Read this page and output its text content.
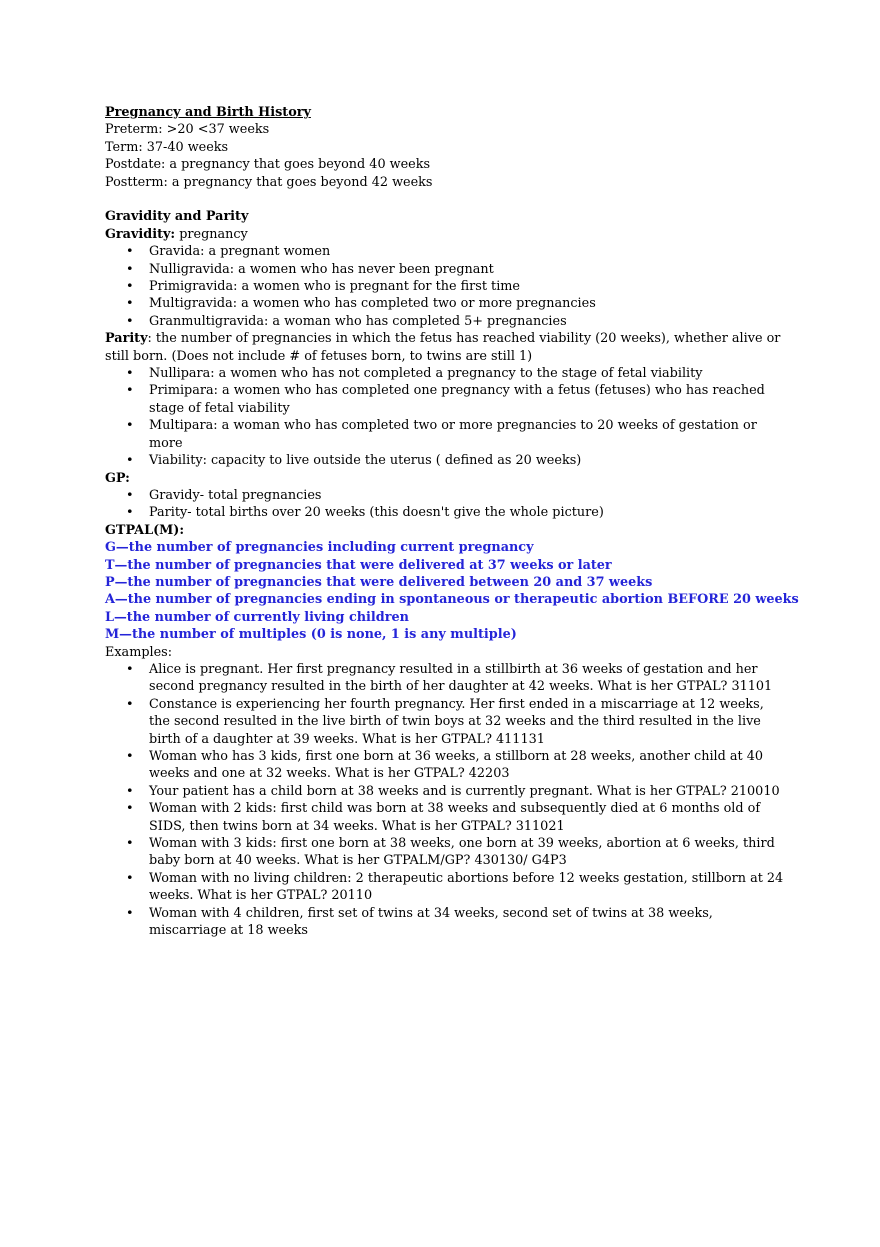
Pregnancy and Birth History
Preterm: >20 <37 weeks
Term: 37-40 weeks
Postdate: a pregnancy that goes beyond 40 weeks
Postterm: a pregnancy that goes beyond 42 weeks
Gravidity and Parity
Gravidity: pregnancy
• Gravida: a pregnant women
• Nulligravida: a women who has never been pregnant
• Primigravida: a women who is pregnant for the first time
• Multigravida: a women who has completed two or more pregnancies
• Granmultigravida: a woman who has completed 5+ pregnancies
Parity: the number of pregnancies in which the fetus has reached viability (20 weeks), whether alive or still born. (Does not include # of fetuses born, to twins are still 1)
• Nullipara: a women who has not completed a pregnancy to the stage of fetal viability
• Primipara: a women who has completed one pregnancy with a fetus (fetuses) who has reached stage of fetal viability
• Multipara: a woman who has completed two or more pregnancies to 20 weeks of gestation or more
• Viability: capacity to live outside the uterus ( defined as 20 weeks)
GP:
• Gravidy- total pregnancies
• Parity- total births over 20 weeks (this doesn't give the whole picture)
GTPAL(M):
G—the number of pregnancies including current pregnancy
T—the number of pregnancies that were delivered at 37 weeks or later
P—the number of pregnancies that were delivered between 20 and 37 weeks
A—the number of pregnancies ending in spontaneous or therapeutic abortion BEFORE 20 weeks
L—the number of currently living children
M—the number of multiples (0 is none, 1 is any multiple)
Examples:
• Alice is pregnant. Her first pregnancy resulted in a stillbirth at 36 weeks of gestation and her second pregnancy resulted in the birth of her daughter at 42 weeks. What is her GTPAL? 31101
• Constance is experiencing her fourth pregnancy. Her first ended in a miscarriage at 12 weeks, the second resulted in the live birth of twin boys at 32 weeks and the third resulted in the live birth of a daughter at 39 weeks. What is her GTPAL? 411131
• Woman who has 3 kids, first one born at 36 weeks, a stillborn at 28 weeks, another child at 40 weeks and one at 32 weeks. What is her GTPAL? 42203
• Your patient has a child born at 38 weeks and is currently pregnant. What is her GTPAL? 210010
• Woman with 2 kids: first child was born at 38 weeks and subsequently died at 6 months old of SIDS, then twins born at 34 weeks. What is her GTPAL? 311021
• Woman with 3 kids: first one born at 38 weeks, one born at 39 weeks, abortion at 6 weeks, third baby born at 40 weeks. What is her GTPALM/GP? 430130/ G4P3
• Woman with no living children: 2 therapeutic abortions before 12 weeks gestation, stillborn at 24 weeks. What is her GTPAL? 20110
• Woman with 4 children, first set of twins at 34 weeks, second set of twins at 38 weeks, miscarriage at 18 weeks
